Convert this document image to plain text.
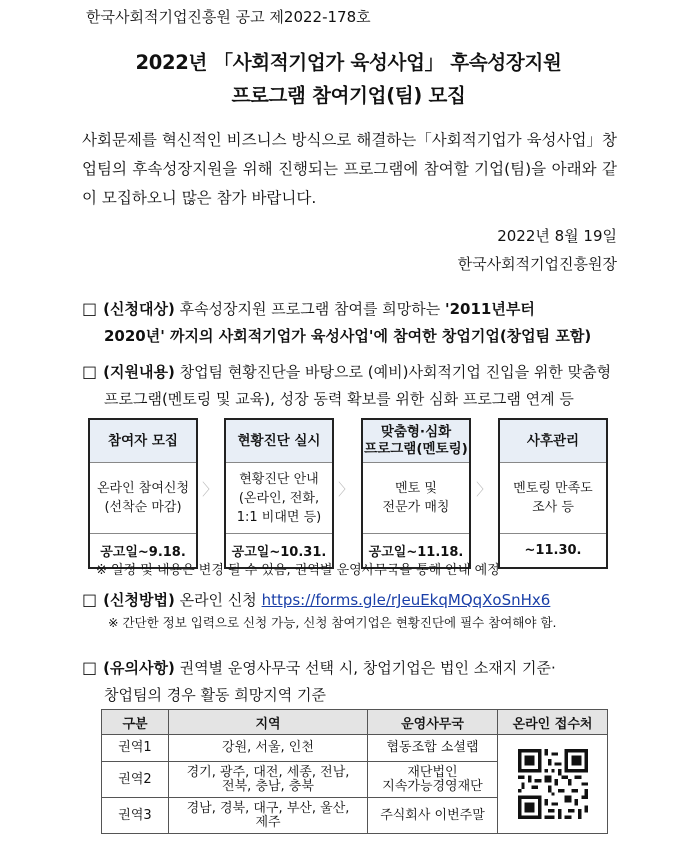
한국사회적기업진흥원 공고 제2022-178호
2022년 「사회적기업가 육성사업」 후속성장지원
프로그램 참여기업(팀) 모집
사회문제를 혁신적인 비즈니스 방식으로 해결하는「사회적기업가 육성사업」창업팀의 후속성장지원을 위해 진행되는 프로그램에 참여할 기업(팀)을 아래와 같이 모집하오니 많은 참가 바랍니다.
2022년 8월 19일
한국사회적기업진흥원장
□ (신청대상) 후속성장지원 프로그램 참여를 희망하는 '2011년부터
2020년' 까지의 사회적기업가 육성사업'에 참여한 창업기업(창업팀 포함)
□ (지원내용) 창업팀 현황진단을 바탕으로 (예비)사회적기업 진입을 위한 맞춤형
프로그램(멘토링 및 교육), 성장 동력 확보를 위한 심화 프로그램 연계 등
참여자 모집
온라인 참여신청
(선착순 마감)
공고일~9.18.
〉
현황진단 실시
현황진단 안내
(온라인, 전화,
1:1 비대면 등)
공고일~10.31.
〉
맞춤형·심화
프로그램(멘토링)
멘토 및
전문가 매칭
공고일~11.18.
〉
사후관리
멘토링 만족도
조사 등
~11.30.
※ 일정 및 내용은 변경 될 수 있음, 권역별 운영사무국을 통해 안내 예정
□ (신청방법) 온라인 신청 https://forms.gle/rJeuEkqMQqXoSnHx6
※ 간단한 정보 입력으로 신청 가능, 신청 참여기업은 현황진단에 필수 참여해야 함.
□ (유의사항) 권역별 운영사무국 선택 시, 창업기업은 법인 소재지 기준·
창업팀의 경우 활동 희망지역 기준
구분	지역	운영사무국	온라인 접수처
권역1	강원, 서울, 인천	협동조합 소셜랩	

권역2	경기, 광주, 대전, 세종, 전남,
전북, 충남, 충북	재단법인
지속가능경영재단	
권역3	경남, 경북, 대구, 부산, 울산,
제주	주식회사 이번주말	
